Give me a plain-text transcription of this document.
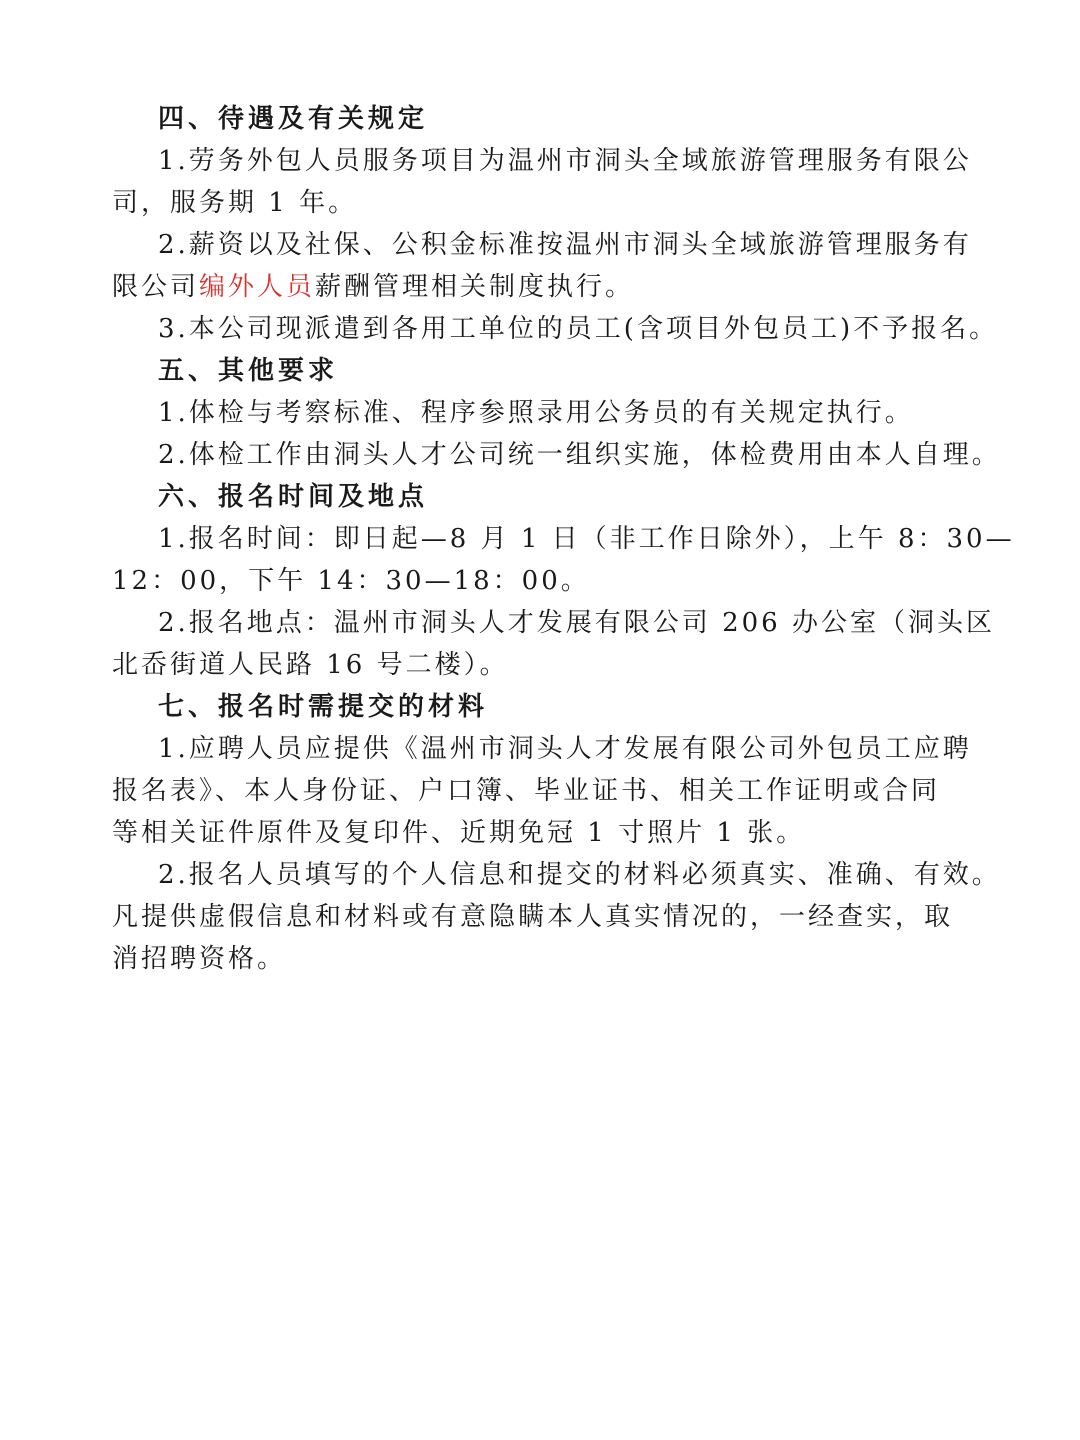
四、待遇及有关规定
1.劳务外包人员服务项目为温州市洞头全域旅游管理服务有限公
司，服务期 1 年。
2.薪资以及社保、公积金标准按温州市洞头全域旅游管理服务有
限公司编外人员薪酬管理相关制度执行。
3.本公司现派遣到各用工单位的员工(含项目外包员工)不予报名。
五、其他要求
1.体检与考察标准、程序参照录用公务员的有关规定执行。
2.体检工作由洞头人才公司统一组织实施，体检费用由本人自理。
六、报名时间及地点
1.报名时间：即日起—8 月 1 日（非工作日除外），上午 8：30—
12：00，下午 14：30—18：00。
2.报名地点：温州市洞头人才发展有限公司 206 办公室（洞头区
北岙街道人民路 16 号二楼）。
七、报名时需提交的材料
1.应聘人员应提供《温州市洞头人才发展有限公司外包员工应聘
报名表》、本人身份证、户口簿、毕业证书、相关工作证明或合同
等相关证件原件及复印件、近期免冠 1 寸照片 1 张。
2.报名人员填写的个人信息和提交的材料必须真实、准确、有效。
凡提供虚假信息和材料或有意隐瞒本人真实情况的，一经查实，取
消招聘资格。
